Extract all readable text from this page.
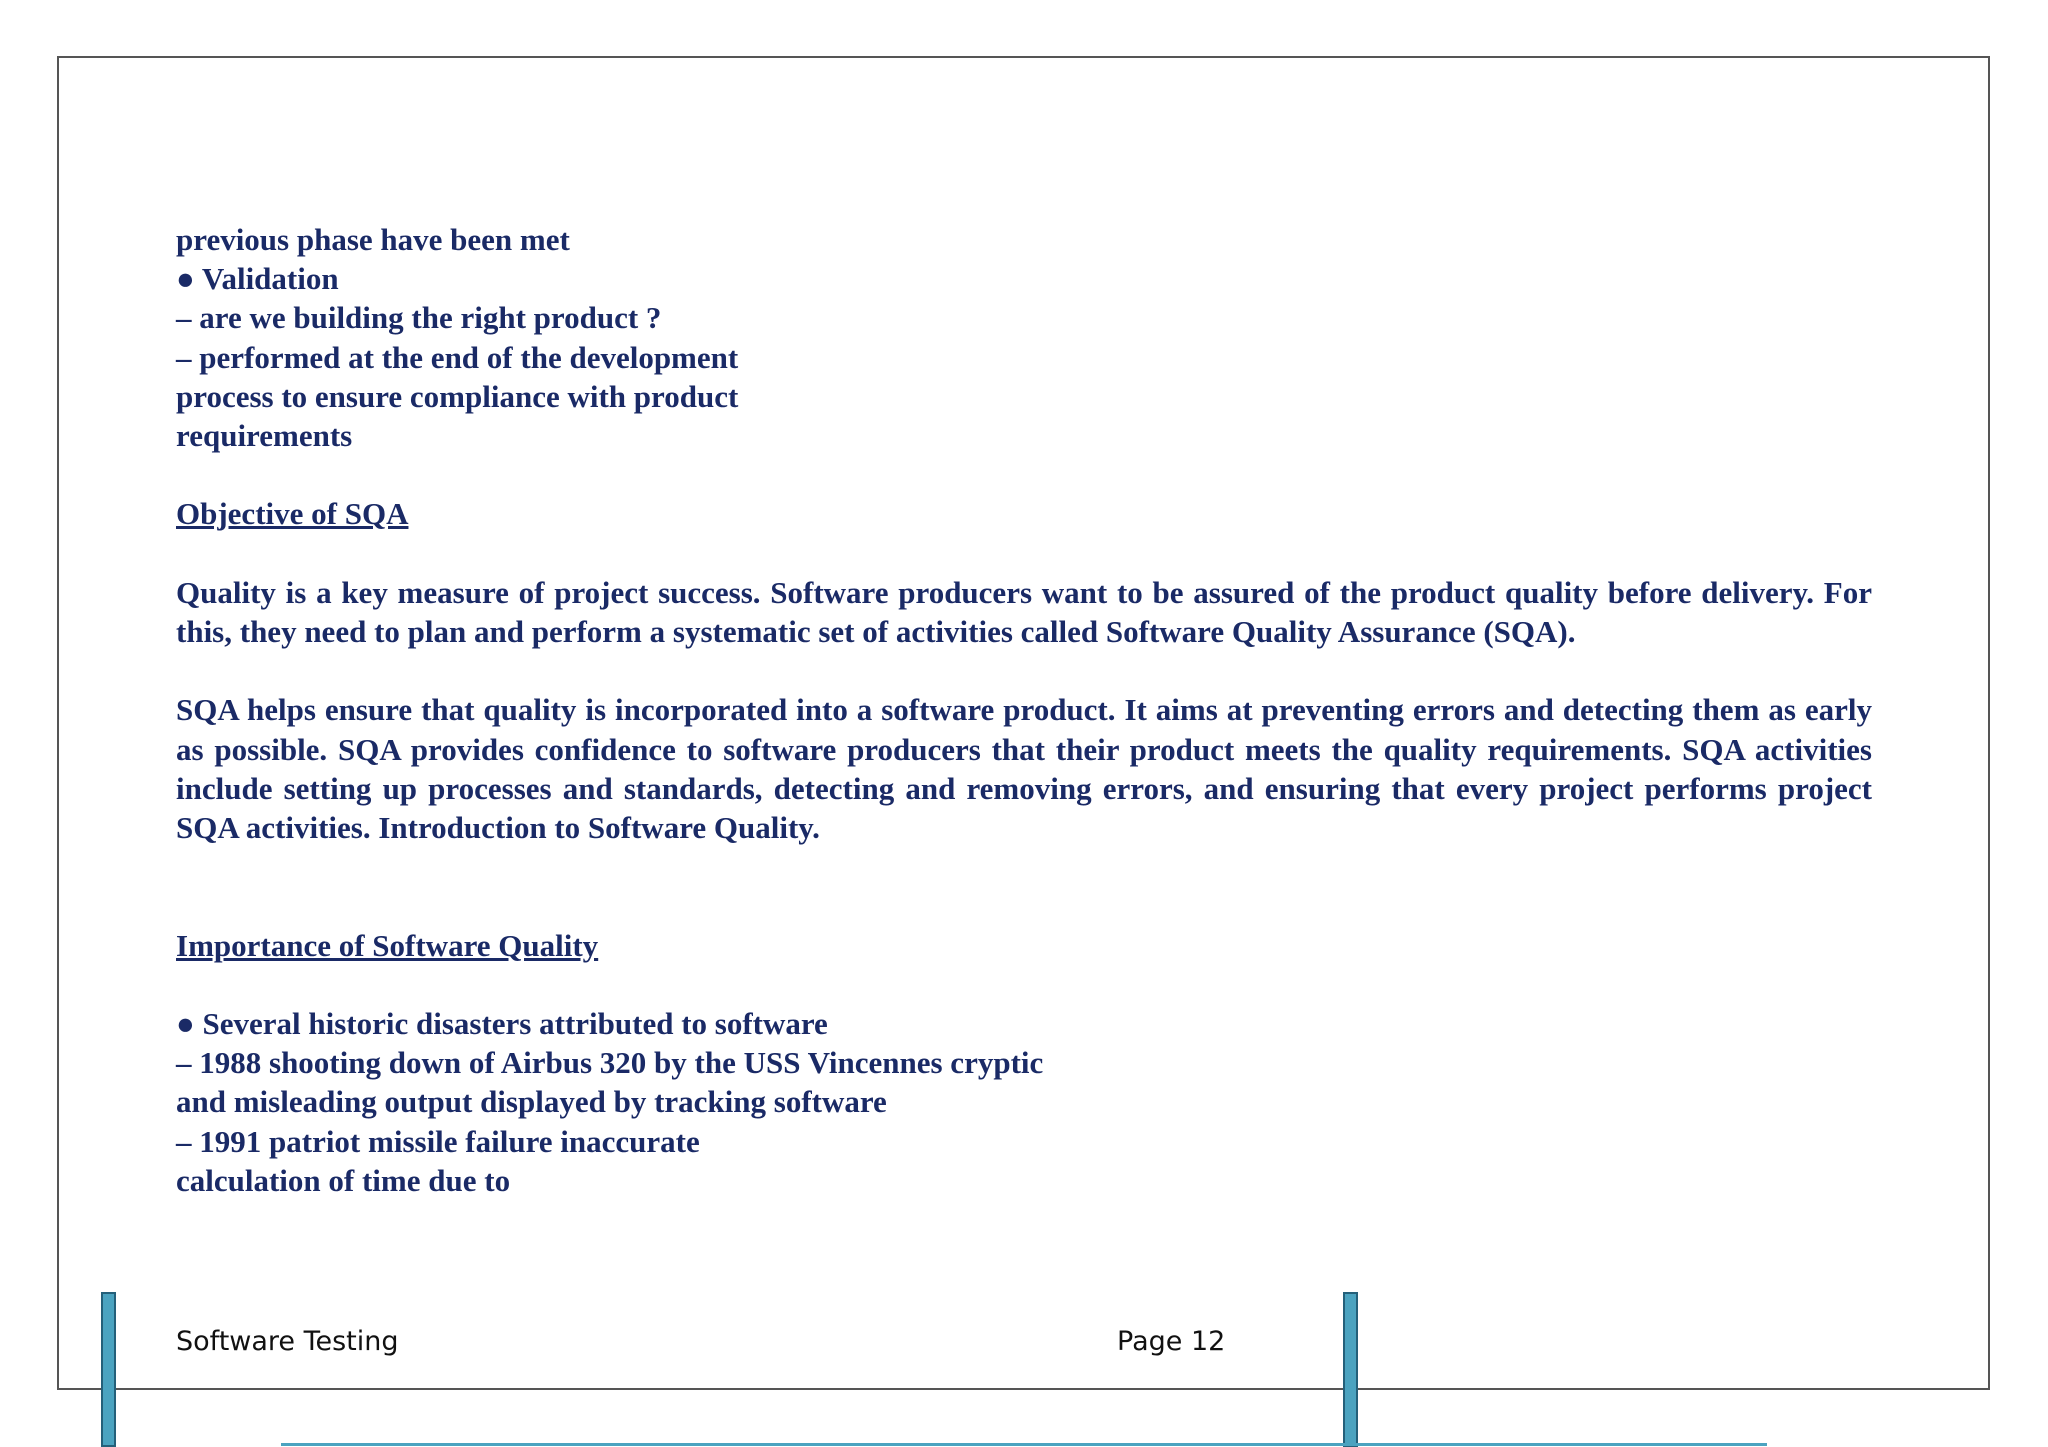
previous phase have been met
● Validation
– are we building the right product ?
– performed at the end of the development
process to ensure compliance with product
requirements
Objective of SQA

Quality is a key measure of project success. Software producers want to be assured of the product quality before delivery. For this, they need to plan and perform a systematic set of activities called Software Quality Assurance (SQA).

SQA helps ensure that quality is incorporated into a software product. It aims at preventing errors and detecting them as early as possible. SQA provides confidence to software producers that their product meets the quality requirements. SQA activities include setting up processes and standards, detecting and removing errors, and ensuring that every project performs project SQA activities. Introduction to Software Quality.

Importance of Software Quality
● Several historic disasters attributed to software
– 1988 shooting down of Airbus 320 by the USS Vincennes cryptic
and misleading output displayed by tracking software
– 1991 patriot missile failure inaccurate
calculation of time due to
Software Testing	Page 12
